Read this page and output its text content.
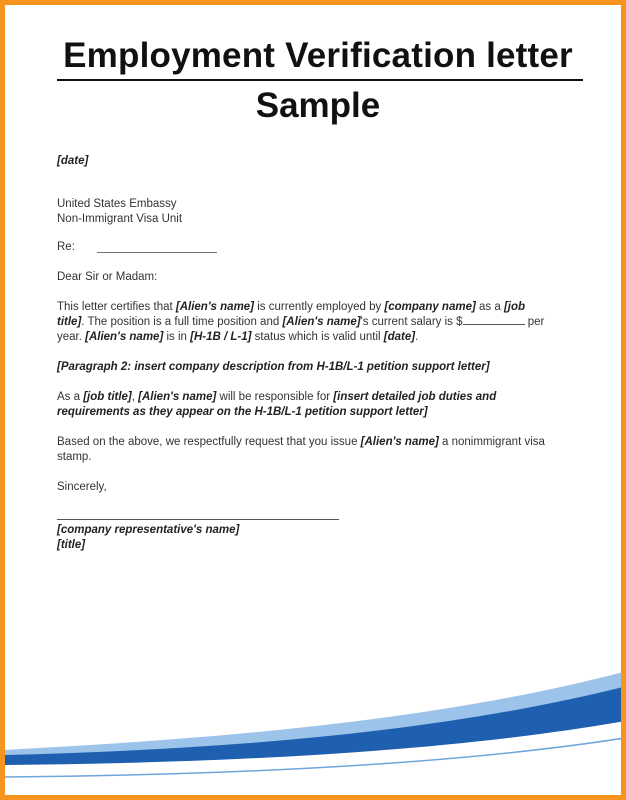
Employment Verification letter
Sample
[date]
United States Embassy
Non-Immigrant Visa Unit
Re:
Dear Sir or Madam:
This letter certifies that [Alien's name] is currently employed by [company name] as a [job
title]. The position is a full time position and [Alien's name]'s current salary is $	per
year. [Alien's name] is in [H-1B / L-1] status which is valid until [date].
[Paragraph 2: insert company description from H-1B/L-1 petition support letter]
As a [job title], [Alien's name] will be responsible for [insert detailed job duties and
requirements as they appear on the H-1B/L-1 petition support letter]
Based on the above, we respectfully request that you issue [Alien's name] a nonimmigrant visa
stamp.
Sincerely,
[company representative's name]
[title]
